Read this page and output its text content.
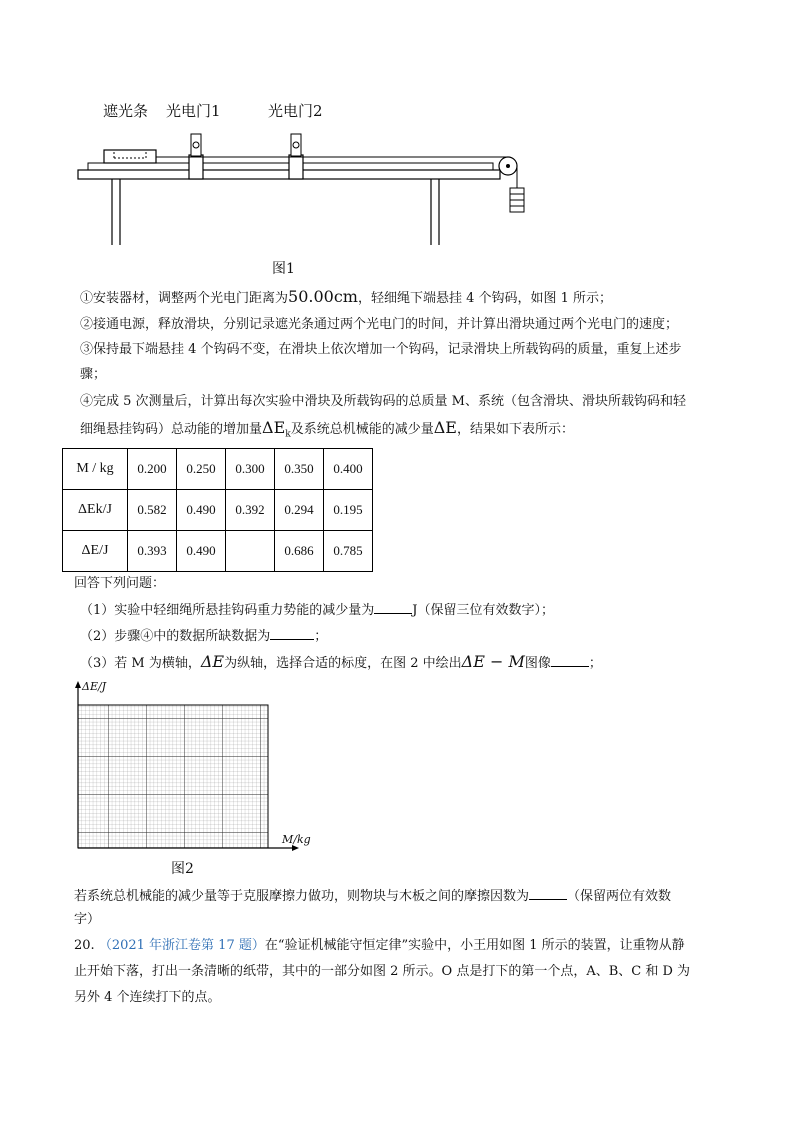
遮光条 光电门1	光电门2
图1
①安装器材，调整两个光电门距离为50.00cm，轻细绳下端悬挂 4 个钩码，如图 1 所示；
②接通电源，释放滑块，分别记录遮光条通过两个光电门的时间，并计算出滑块通过两个光电门的速度；
③保持最下端悬挂 4 个钩码不变，在滑块上依次增加一个钩码，记录滑块上所载钩码的质量，重复上述步
骤；
④完成 5 次测量后，计算出每次实验中滑块及所载钩码的总质量 M、系统（包含滑块、滑块所载钩码和轻
细绳悬挂钩码）总动能的增加量$\Delta E_k$及系统总机械能的减少量ΔE，结果如下表所示：
M / kg	0.200	0.250	0.300	0.350	0.400
ΔEk/J	0.582	0.490	0.392	0.294	0.195
ΔE/J	0.393	0.490		0.686	0.785
回答下列问题：
（1）实验中轻细绳所悬挂钩码重力势能的减少量为	J（保留三位有效数字）；
（2）步骤④中的数据所缺数据为	；
（3）若 M 为横轴，ΔE为纵轴，选择合适的标度，在图 2 中绘出ΔE − M图像	；
ΔE/J
M/kg
图2
若系统总机械能的减少量等于克服摩擦力做功，则物块与木板之间的摩擦因数为	（保留两位有效数
字）
20. （2021 年浙江卷第 17 题）在“验证机械能守恒定律”实验中，小王用如图 1 所示的装置，让重物从静
止开始下落，打出一条清晰的纸带，其中的一部分如图 2 所示。O 点是打下的第一个点，A、B、C 和 D 为
另外 4 个连续打下的点。
